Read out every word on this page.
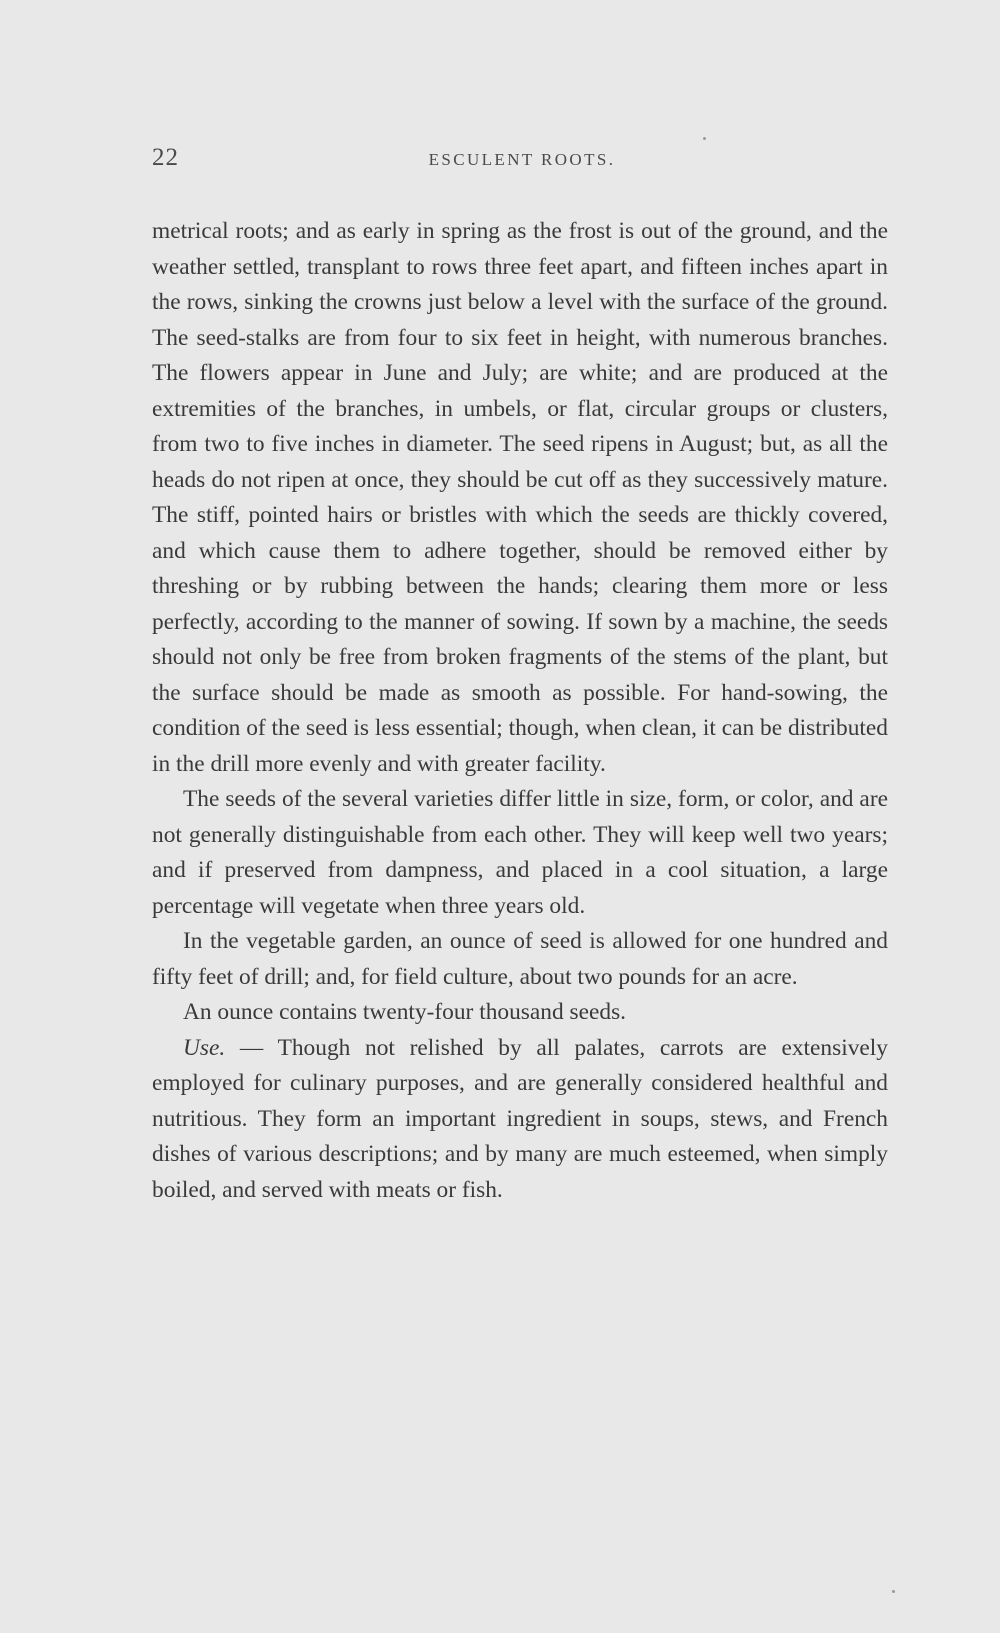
22	ESCULENT ROOTS.

metrical roots; and as early in spring as the frost is out of the ground, and the weather settled, transplant to rows three feet apart, and fifteen inches apart in the rows, sinking the crowns just below a level with the surface of the ground. The seed-stalks are from four to six feet in height, with numerous branches. The flowers appear in June and July; are white; and are produced at the extremities of the branches, in umbels, or flat, circular groups or clusters, from two to five inches in diameter. The seed ripens in August; but, as all the heads do not ripen at once, they should be cut off as they successively mature. The stiff, pointed hairs or bristles with which the seeds are thickly covered, and which cause them to adhere together, should be removed either by threshing or by rubbing between the hands; clearing them more or less perfectly, according to the manner of sowing. If sown by a machine, the seeds should not only be free from broken fragments of the stems of the plant, but the surface should be made as smooth as possible. For hand-sowing, the condition of the seed is less essential; though, when clean, it can be distributed in the drill more evenly and with greater facility.

The seeds of the several varieties differ little in size, form, or color, and are not generally distinguishable from each other. They will keep well two years; and if preserved from dampness, and placed in a cool situation, a large percentage will vegetate when three years old.

In the vegetable garden, an ounce of seed is allowed for one hundred and fifty feet of drill; and, for field culture, about two pounds for an acre.

An ounce contains twenty-four thousand seeds.

Use. — Though not relished by all palates, carrots are extensively employed for culinary purposes, and are generally considered healthful and nutritious. They form an important ingredient in soups, stews, and French dishes of various descriptions; and by many are much esteemed, when simply boiled, and served with meats or fish.
